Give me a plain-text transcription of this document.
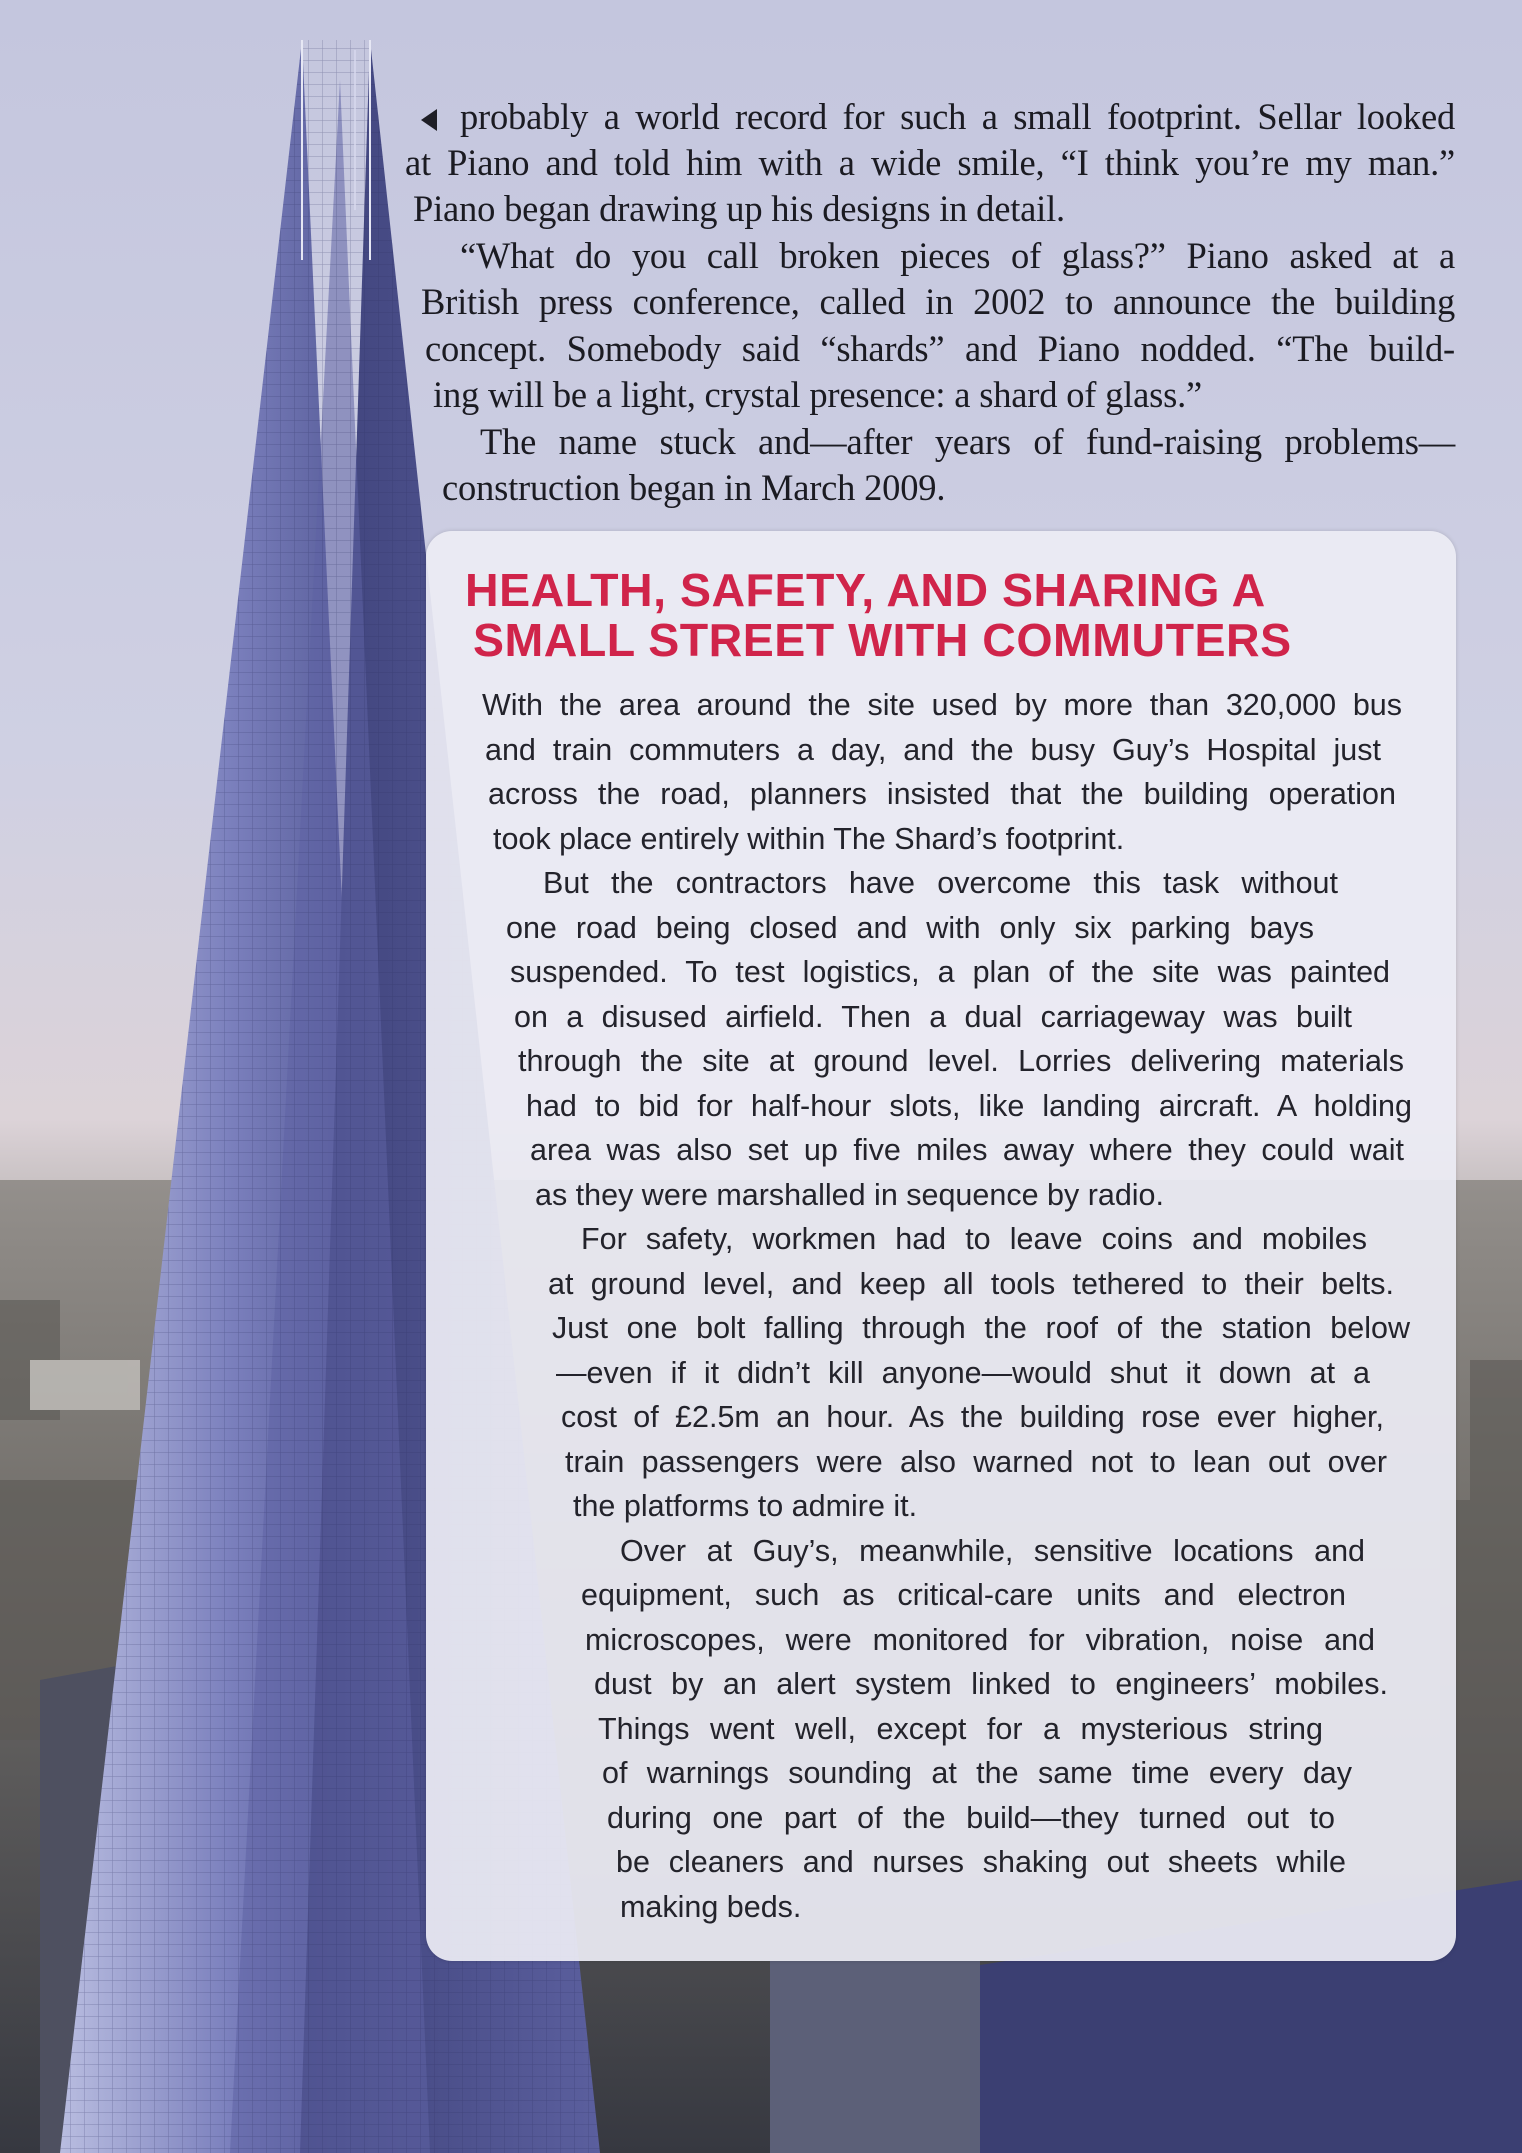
probably a world record for such a small footprint. Sellar looked
at Piano and told him with a wide smile, “I think you’re my man.”
Piano began drawing up his designs in detail.
“What do you call broken pieces of glass?” Piano asked at a
British press conference, called in 2002 to announce the building
concept. Somebody said “shards” and Piano nodded. “The build-
ing will be a light, crystal presence: a shard of glass.”
The name stuck and—after years of fund-raising problems—
construction began in March 2009.
HEALTH, SAFETY, AND SHARING A
SMALL STREET WITH COMMUTERS
With the area around the site used by more than 320,000 bus
and train commuters a day, and the busy Guy’s Hospital just
across the road, planners insisted that the building operation
took place entirely within The Shard’s footprint.
But the contractors have overcome this task without
one road being closed and with only six parking bays
suspended. To test logistics, a plan of the site was painted
on a disused airfield. Then a dual carriageway was built
through the site at ground level. Lorries delivering materials
had to bid for half-hour slots, like landing aircraft. A holding
area was also set up five miles away where they could wait
as they were marshalled in sequence by radio.
For safety, workmen had to leave coins and mobiles
at ground level, and keep all tools tethered to their belts.
Just one bolt falling through the roof of the station below
—even if it didn’t kill anyone—would shut it down at a
cost of £2.5m an hour. As the building rose ever higher,
train passengers were also warned not to lean out over
the platforms to admire it.
Over at Guy’s, meanwhile, sensitive locations and
equipment, such as critical-care units and electron
microscopes, were monitored for vibration, noise and
dust by an alert system linked to engineers’ mobiles.
Things went well, except for a mysterious string
of warnings sounding at the same time every day
during one part of the build—they turned out to
be cleaners and nurses shaking out sheets while
making beds.
